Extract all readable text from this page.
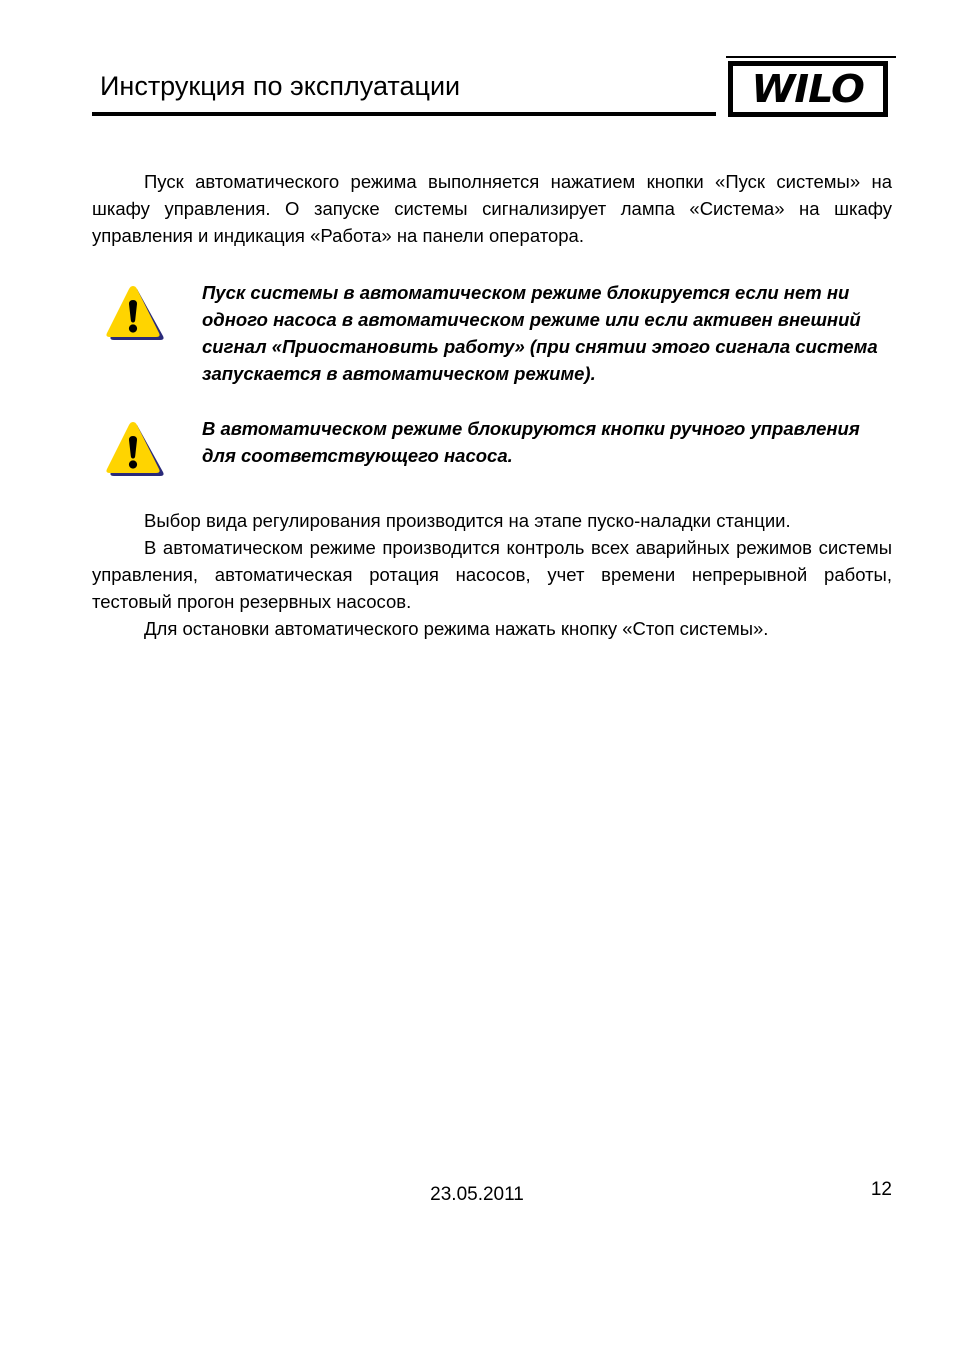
Инструкция по эксплуатации	WILO

Пуск автоматического режима выполняется нажатием кнопки «Пуск системы» на шкафу управления. О запуске системы сигнализирует лампа «Система» на шкафу управления и индикация «Работа» на панели оператора.

Пуск системы в автоматическом режиме блокируется если нет ни одного насоса в автоматическом режиме или если активен внешний сигнал «Приостановить работу» (при снятии этого сигнала система запускается в автоматическом режиме).

В автоматическом режиме блокируются кнопки ручного управления для соответствующего насоса.

Выбор вида регулирования производится на этапе пуско-наладки станции.

В автоматическом режиме производится контроль всех аварийных режимов системы управления, автоматическая ротация насосов, учет времени непрерывной работы, тестовый прогон резервных насосов.

Для остановки автоматического режима нажать кнопку «Стоп системы».

23.05.2011	12
